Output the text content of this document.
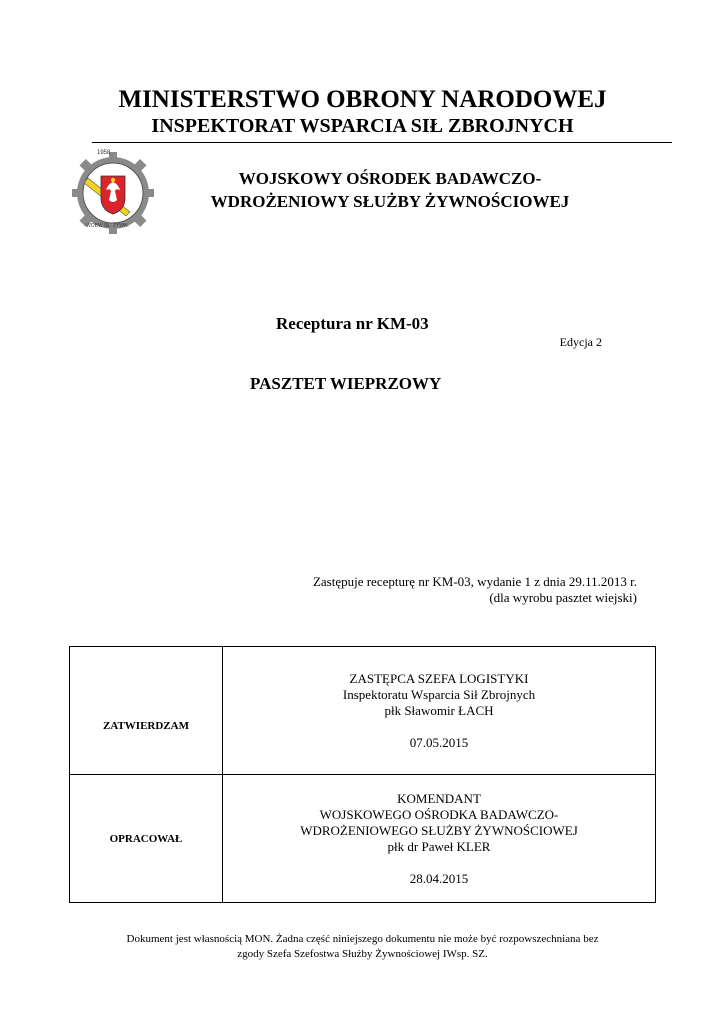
MINISTERSTWO OBRONY NARODOWEJ
INSPEKTORAT WSPARCIA SIŁ ZBROJNYCH
1958
WOBW SŁ. ŻYWN.
WOJSKOWY OŚRODEK BADAWCZO-
WDROŻENIOWY SŁUŻBY ŻYWNOŚCIOWEJ
Receptura nr KM-03
Edycja 2
PASZTET WIEPRZOWY
Zastępuje recepturę nr KM-03, wydanie 1 z dnia 29.11.2013 r.
(dla wyrobu pasztet wiejski)
ZATWIERDZAM	ZASTĘPCA SZEFA LOGISTYKI
Inspektoratu Wsparcia Sił Zbrojnych
płk Sławomir ŁACH
07.05.2015

OPRACOWAŁ	KOMENDANT
WOJSKOWEGO OŚRODKA BADAWCZO-
WDROŻENIOWEGO SŁUŻBY ŻYWNOŚCIOWEJ
płk dr Paweł KLER
28.04.2015
Dokument jest własnością MON. Żadna część niniejszego dokumentu nie może być rozpowszechniana bez
zgody Szefa Szefostwa Służby Żywnościowej IWsp. SZ.
